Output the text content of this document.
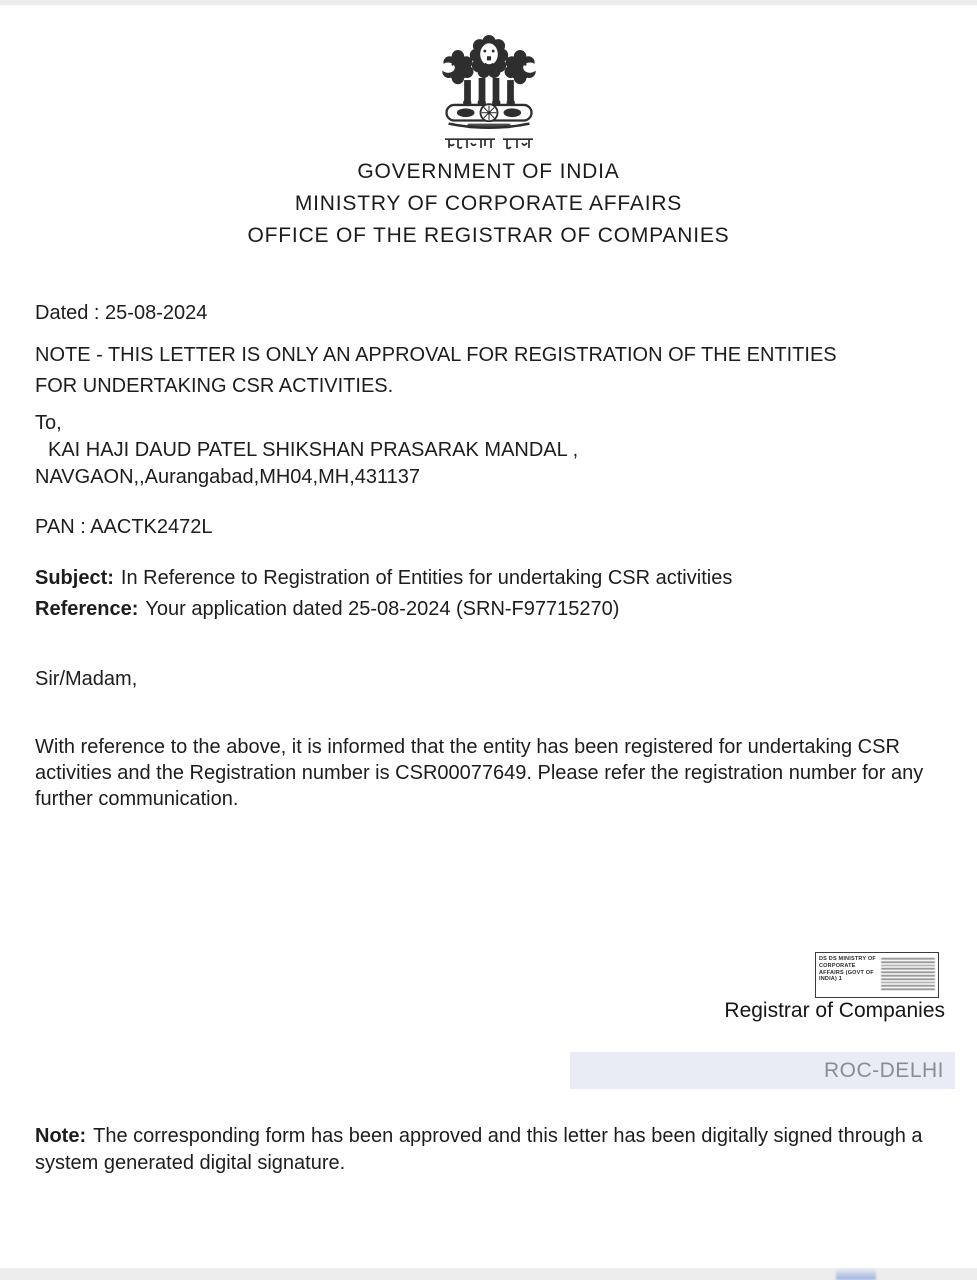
GOVERNMENT OF INDIA
MINISTRY OF CORPORATE AFFAIRS
OFFICE OF THE REGISTRAR OF COMPANIES
Dated : 25-08-2024
NOTE - THIS LETTER IS ONLY AN APPROVAL FOR REGISTRATION OF THE ENTITIES FOR UNDERTAKING CSR ACTIVITIES.
To,
KAI HAJI DAUD PATEL SHIKSHAN PRASARAK MANDAL ,
NAVGAON,,Aurangabad,MH04,MH,431137
PAN : AACTK2472L
Subject: In Reference to Registration of Entities for undertaking CSR activities
Reference: Your application dated 25-08-2024 (SRN-F97715270)
Sir/Madam,
With reference to the above, it is informed that the entity has been registered for undertaking CSR activities and the Registration number is CSR00077649. Please refer the registration number for any further communication.
DS DS MINISTRY OF CORPORATE AFFAIRS (GOVT OF INDIA) 1
Registrar of Companies
ROC-DELHI
Note: The corresponding form has been approved and this letter has been digitally signed through a system generated digital signature.
